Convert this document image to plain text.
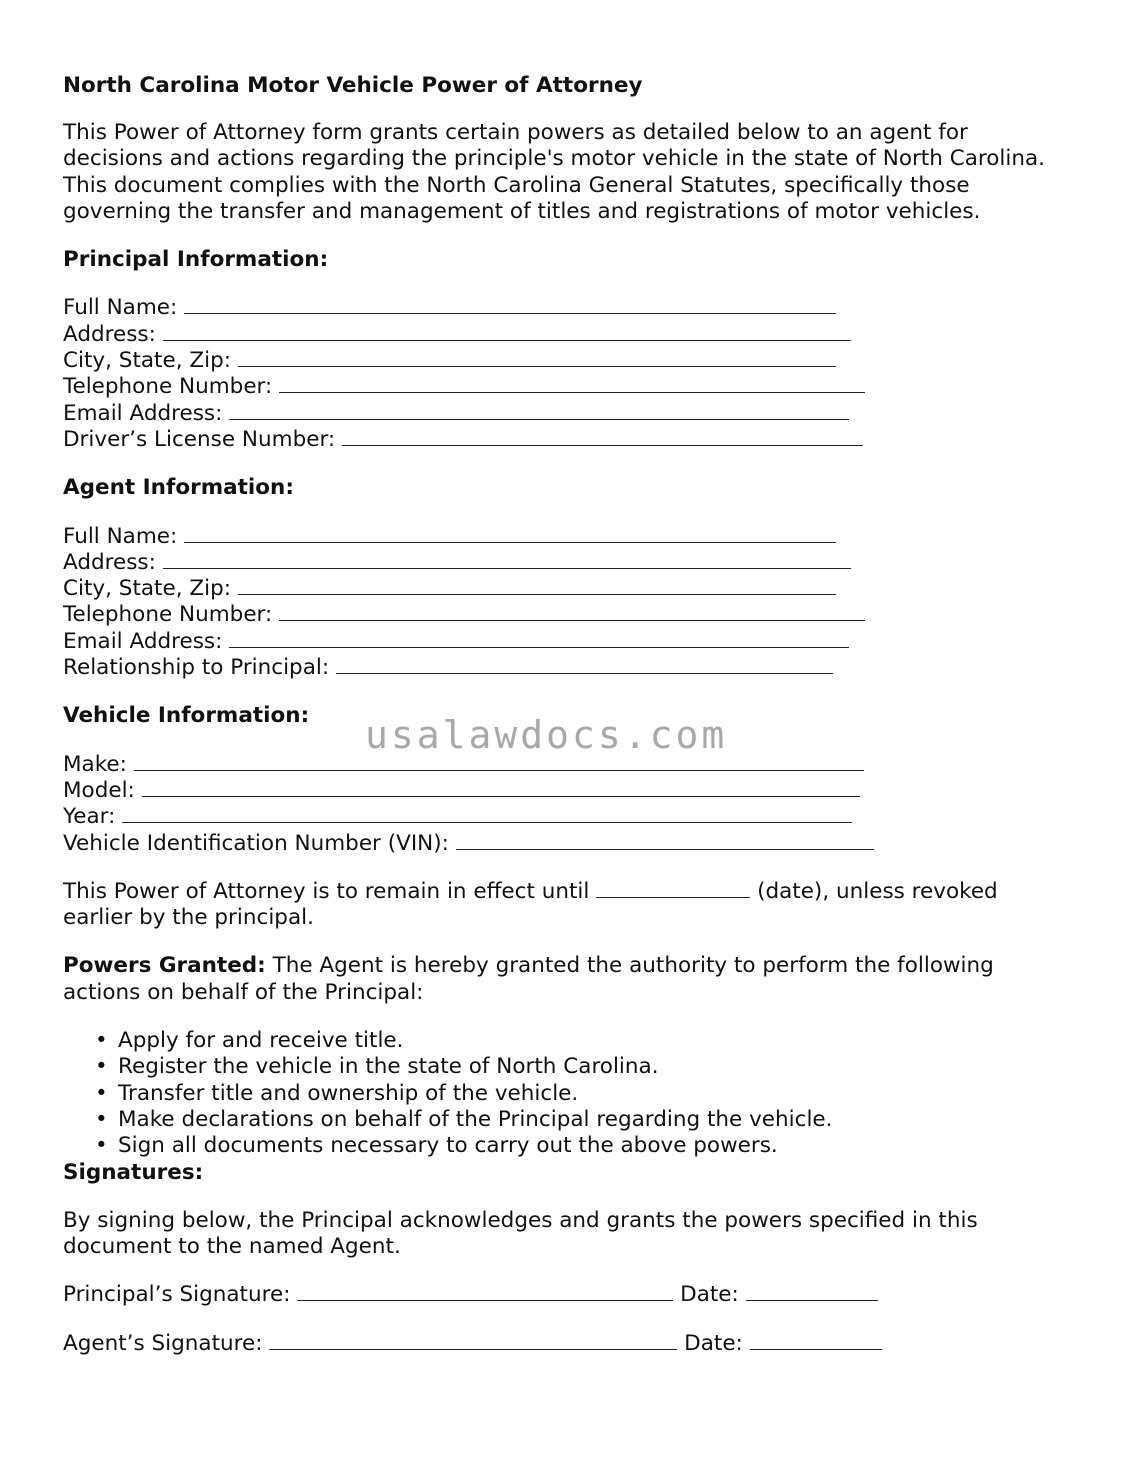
North Carolina Motor Vehicle Power of Attorney

This Power of Attorney form grants certain powers as detailed below to an agent for

decisions and actions regarding the principle's motor vehicle in the state of North Carolina.

This document complies with the North Carolina General Statutes, specifically those

governing the transfer and management of titles and registrations of motor vehicles.

Principal Information:

Full Name:

Address:

City, State, Zip:

Telephone Number:

Email Address:

Driver’s License Number:

Agent Information:

Full Name:

Address:

City, State, Zip:

Telephone Number:

Email Address:

Relationship to Principal:

Vehicle Information:

Make:

Model:

Year:

Vehicle Identification Number (VIN):

This Power of Attorney is to remain in effect until	(date), unless revoked

earlier by the principal.

Powers Granted: The Agent is hereby granted the authority to perform the following

actions on behalf of the Principal:

• Apply for and receive title.
• Register the vehicle in the state of North Carolina.
• Transfer title and ownership of the vehicle.
• Make declarations on behalf of the Principal regarding the vehicle.
• Sign all documents necessary to carry out the above powers.

Signatures:

By signing below, the Principal acknowledges and grants the powers specified in this

document to the named Agent.

Principal’s Signature:	Date:

Agent’s Signature:	Date:

usalawdocs.com
